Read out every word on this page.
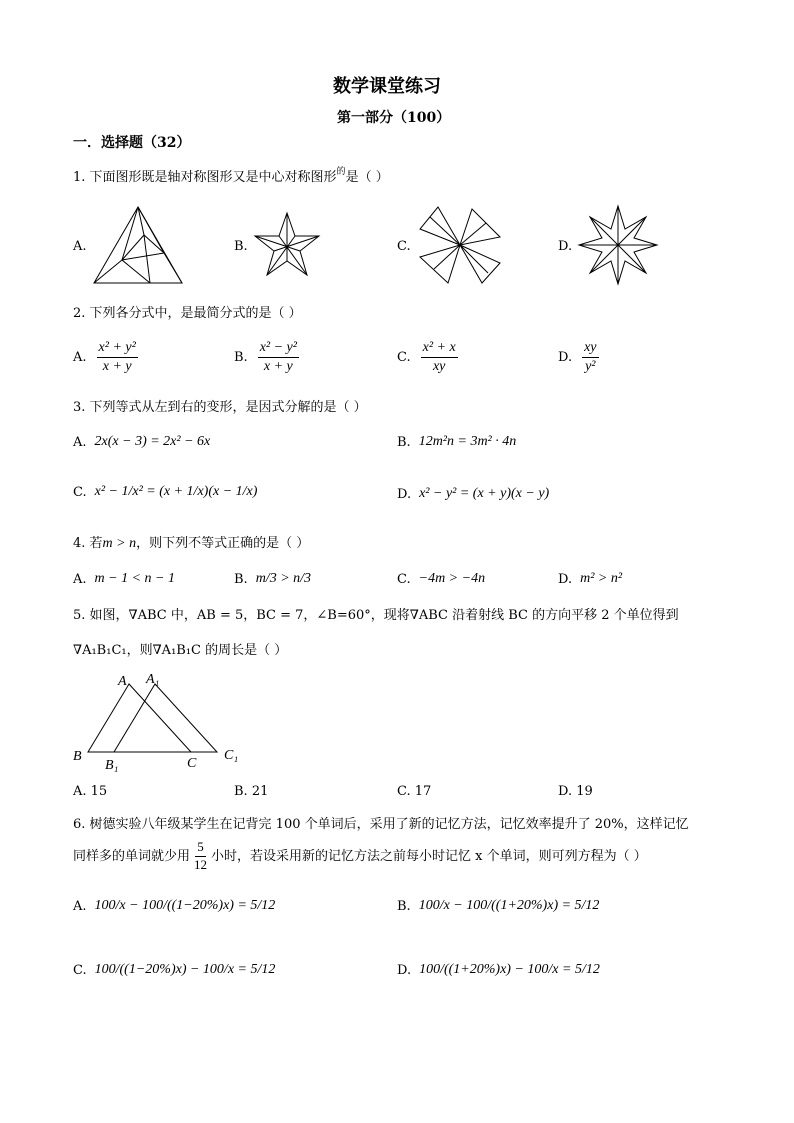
数学课堂练习
第一部分（100）
一．选择题（32）
1. 下面图形既是轴对称图形又是中心对称图形$^的$是（ ）
A.	B.	C.	D.
2. 下列各分式中，是最简分式的是（ ）
A. $\frac{\text{x² + y²}}{x + y}$	B. $\frac{\text{x² − y²}}{x + y}$	C. $\frac{\text{x² + x}}{xy}$	D. $\frac{xy}{\text{y²}}$
3. 下列等式从左到右的变形，是因式分解的是（ ）
A. 2x(x − 3) = 2x² − 6x	B. 12m²n = 3m² · 4n
C. x² − 1/x² = (x + 1/x)(x − 1/x)	D. x² − y² = (x + y)(x − y)
4. 若m > n，则下列不等式正确的是（ ）
A. m − 1 < n − 1	B. m/3 > n/3	C. −4m > −4n	D. m² > n²
5. 如图，∇ABC 中，AB = 5，BC = 7，∠B=60°，现将∇ABC 沿着射线 BC 的方向平移 2 个单位得到
∇A₁B₁C₁，则∇A₁B₁C 的周长是（ ）
A A₁
B
B₁	C
C₁
A. 15	B. 21	C. 17	D. 19
6. 树德实验八年级某学生在记背完 100 个单词后，采用了新的记忆方法，记忆效率提升了 20%，这样记忆
同样多的单词就少用 $\frac{5}{12}$ 小时，若设采用新的记忆方法之前每小时记忆 x 个单词，则可列方程为（ ）
A. 100/x − 100/((1−20%)x) = 5/12	B. 100/x − 100/((1+20%)x) = 5/12
C. 100/((1−20%)x) − 100/x = 5/12	D. 100/((1+20%)x) − 100/x = 5/12
